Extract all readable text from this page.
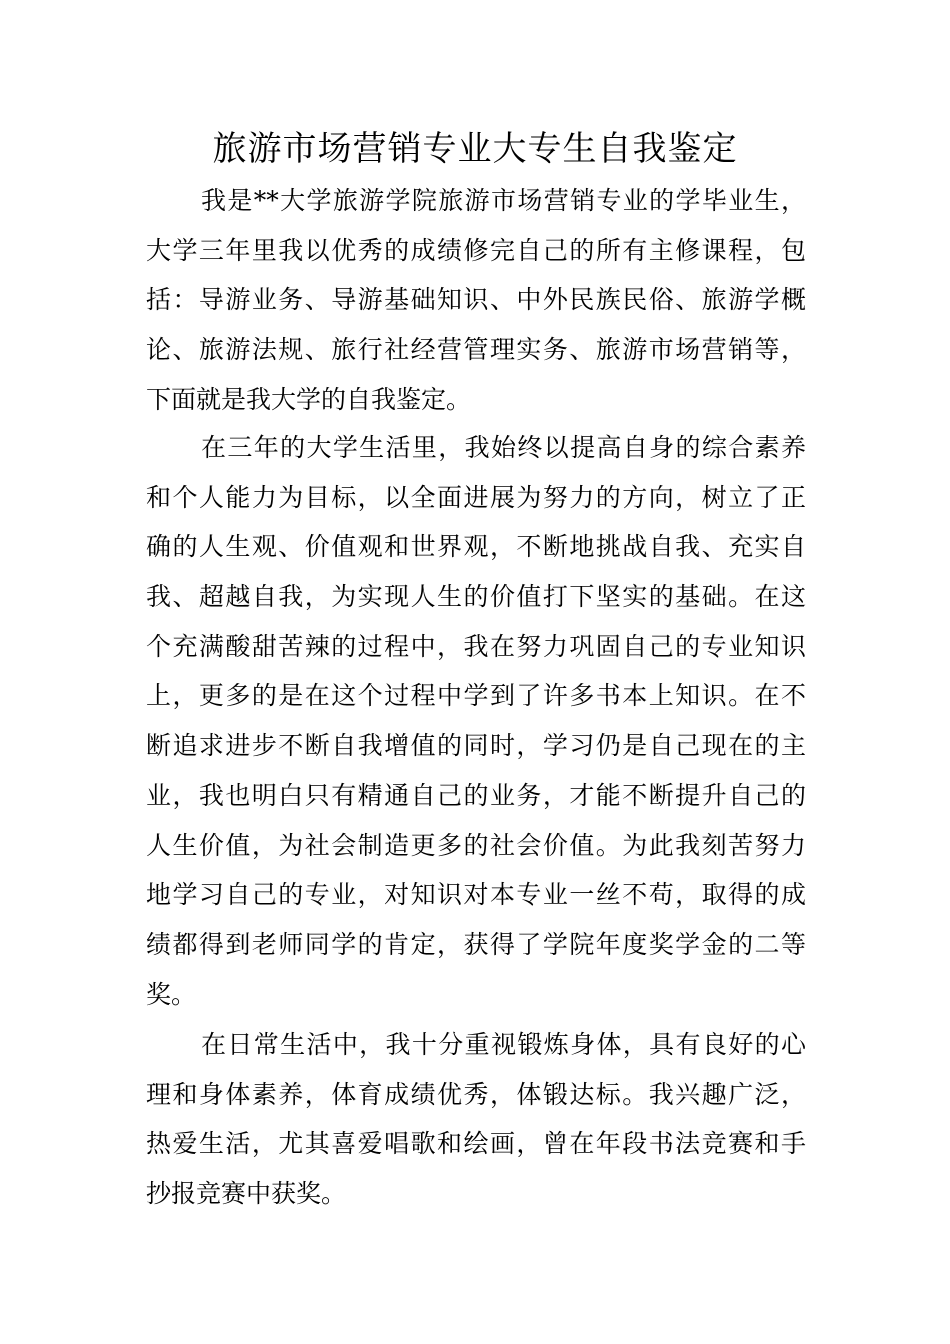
旅游市场营销专业大专生自我鉴定
我是**大学旅游学院旅游市场营销专业的学毕业生，
大学三年里我以优秀的成绩修完自己的所有主修课程，包
括：导游业务、导游基础知识、中外民族民俗、旅游学概
论、旅游法规、旅行社经营管理实务、旅游市场营销等，
下面就是我大学的自我鉴定。
在三年的大学生活里，我始终以提高自身的综合素养
和个人能力为目标，以全面进展为努力的方向，树立了正
确的人生观、价值观和世界观，不断地挑战自我、充实自
我、超越自我，为实现人生的价值打下坚实的基础。在这
个充满酸甜苦辣的过程中，我在努力巩固自己的专业知识
上，更多的是在这个过程中学到了许多书本上知识。在不
断追求进步不断自我增值的同时，学习仍是自己现在的主
业，我也明白只有精通自己的业务，才能不断提升自己的
人生价值，为社会制造更多的社会价值。为此我刻苦努力
地学习自己的专业，对知识对本专业一丝不苟，取得的成
绩都得到老师同学的肯定，获得了学院年度奖学金的二等
奖。
在日常生活中，我十分重视锻炼身体，具有良好的心
理和身体素养，体育成绩优秀，体锻达标。我兴趣广泛，
热爱生活，尤其喜爱唱歌和绘画，曾在年段书法竞赛和手
抄报竞赛中获奖。
